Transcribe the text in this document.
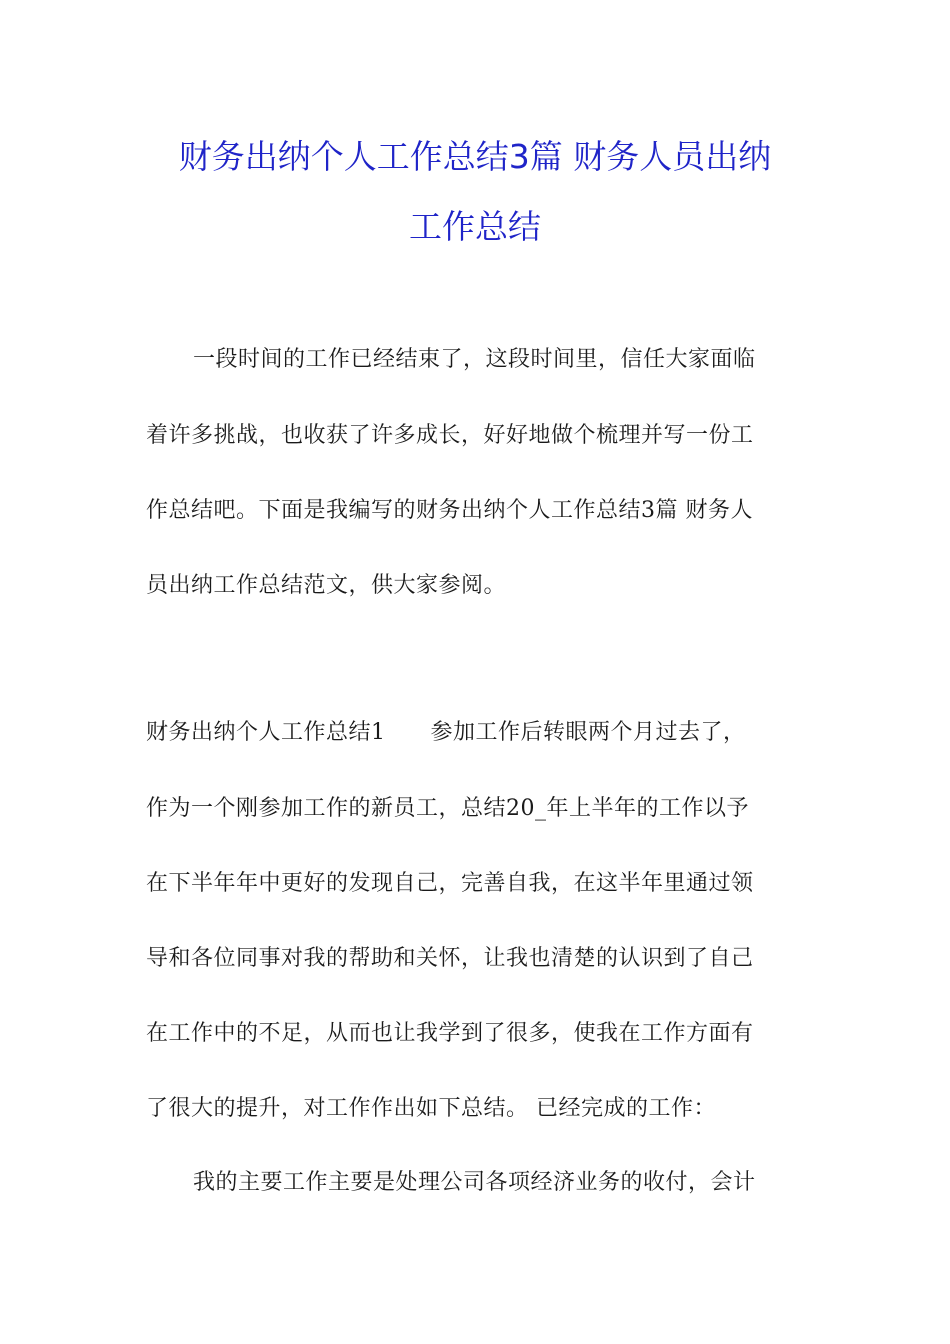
财务出纳个人工作总结3篇 财务人员出纳
工作总结
一段时间的工作已经结束了，这段时间里，信任大家面临
着许多挑战，也收获了许多成长，好好地做个梳理并写一份工
作总结吧。下面是我编写的财务出纳个人工作总结3篇 财务人
员出纳工作总结范文，供大家参阅。
财务出纳个人工作总结1　　参加工作后转眼两个月过去了，
作为一个刚参加工作的新员工，总结20_年上半年的工作以予
在下半年年中更好的发现自己，完善自我，在这半年里通过领
导和各位同事对我的帮助和关怀，让我也清楚的认识到了自己
在工作中的不足，从而也让我学到了很多，使我在工作方面有
了很大的提升，对工作作出如下总结。 已经完成的工作：
我的主要工作主要是处理公司各项经济业务的收付，会计
